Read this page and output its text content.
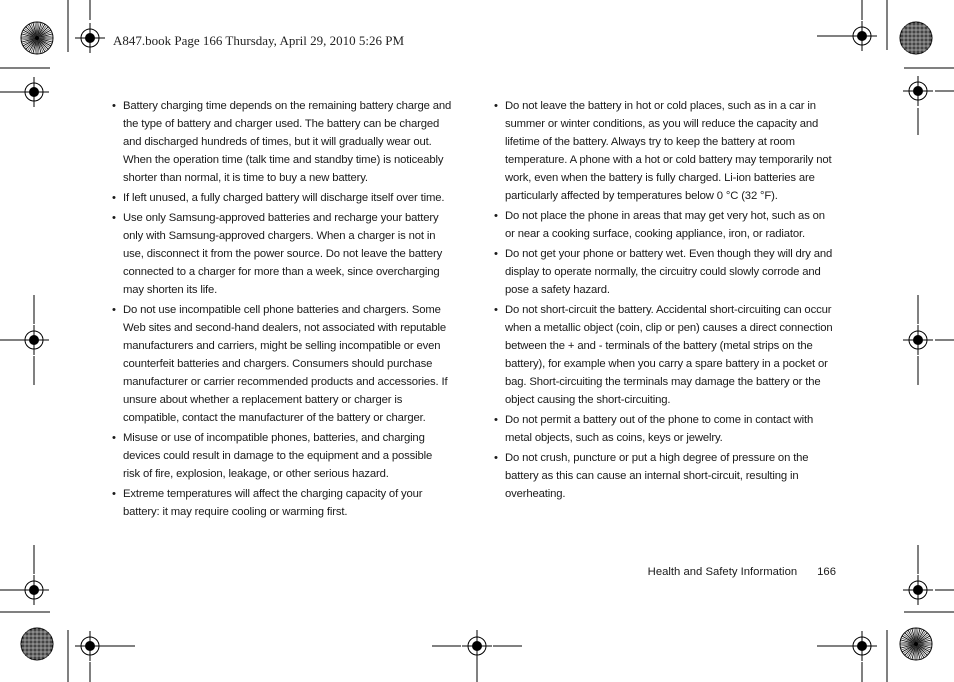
A847.book Page 166 Thursday, April 29, 2010 5:26 PM
• Battery charging time depends on the remaining battery charge and the type of battery and charger used. The battery can be charged and discharged hundreds of times, but it will gradually wear out. When the operation time (talk time and standby time) is noticeably shorter than normal, it is time to buy a new battery.
• If left unused, a fully charged battery will discharge itself over time.
• Use only Samsung-approved batteries and recharge your battery only with Samsung-approved chargers. When a charger is not in use, disconnect it from the power source. Do not leave the battery connected to a charger for more than a week, since overcharging may shorten its life.
• Do not use incompatible cell phone batteries and chargers. Some Web sites and second-hand dealers, not associated with reputable manufacturers and carriers, might be selling incompatible or even counterfeit batteries and chargers. Consumers should purchase manufacturer or carrier recommended products and accessories. If unsure about whether a replacement battery or charger is compatible, contact the manufacturer of the battery or charger.
• Misuse or use of incompatible phones, batteries, and charging devices could result in damage to the equipment and a possible risk of fire, explosion, leakage, or other serious hazard.
• Extreme temperatures will affect the charging capacity of your battery: it may require cooling or warming first.
• Do not leave the battery in hot or cold places, such as in a car in summer or winter conditions, as you will reduce the capacity and lifetime of the battery. Always try to keep the battery at room temperature. A phone with a hot or cold battery may temporarily not work, even when the battery is fully charged. Li-ion batteries are particularly affected by temperatures below 0 °C (32 °F).
• Do not place the phone in areas that may get very hot, such as on or near a cooking surface, cooking appliance, iron, or radiator.
• Do not get your phone or battery wet. Even though they will dry and display to operate normally, the circuitry could slowly corrode and pose a safety hazard.
• Do not short-circuit the battery. Accidental short-circuiting can occur when a metallic object (coin, clip or pen) causes a direct connection between the + and - terminals of the battery (metal strips on the battery), for example when you carry a spare battery in a pocket or bag. Short-circuiting the terminals may damage the battery or the object causing the short-circuiting.
• Do not permit a battery out of the phone to come in contact with metal objects, such as coins, keys or jewelry.
• Do not crush, puncture or put a high degree of pressure on the battery as this can cause an internal short-circuit, resulting in overheating.
Health and Safety Information 166
